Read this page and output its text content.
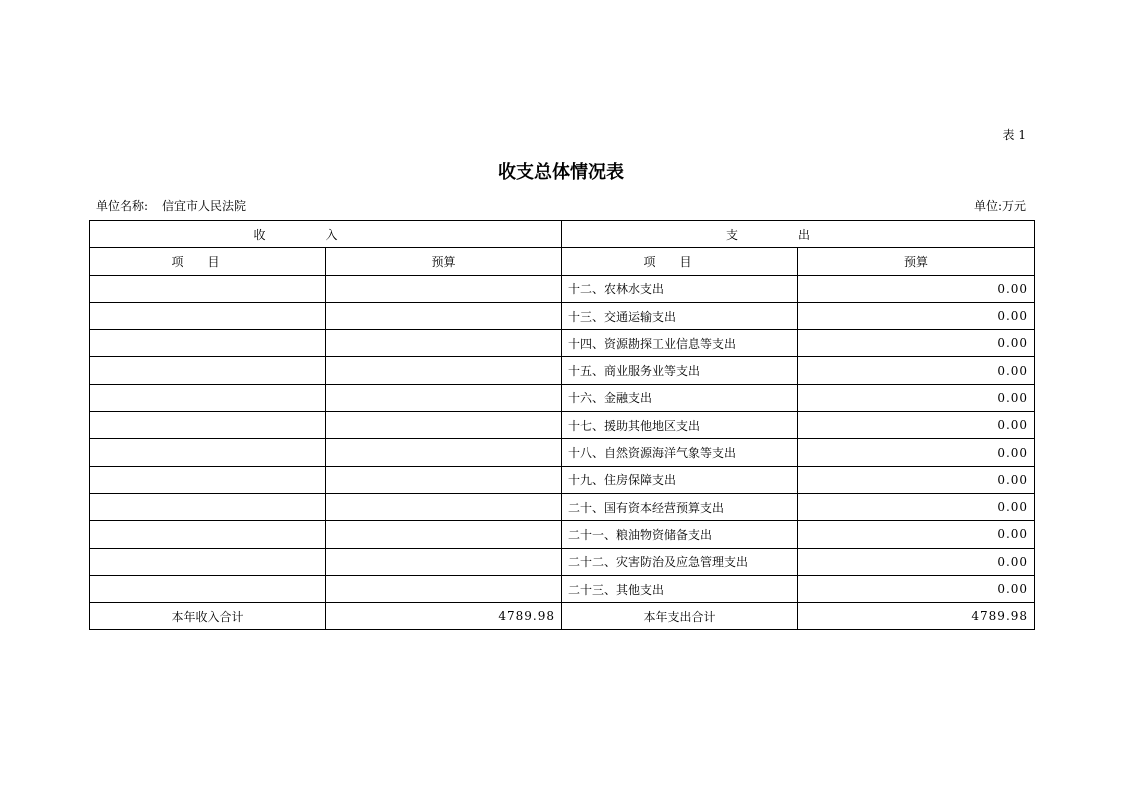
表 1
收支总体情况表
单位名称: 信宜市人民法院	单位:万元
收入		支出	
项目	预算	项目	预算
		十二、农林水支出	0.00
		十三、交通运输支出	0.00
		十四、资源勘探工业信息等支出	0.00
		十五、商业服务业等支出	0.00
		十六、金融支出	0.00
		十七、援助其他地区支出	0.00
		十八、自然资源海洋气象等支出	0.00
		十九、住房保障支出	0.00
		二十、国有资本经营预算支出	0.00
		二十一、粮油物资储备支出	0.00
		二十二、灾害防治及应急管理支出	0.00
		二十三、其他支出	0.00
本年收入合计	4789.98	本年支出合计	4789.98
